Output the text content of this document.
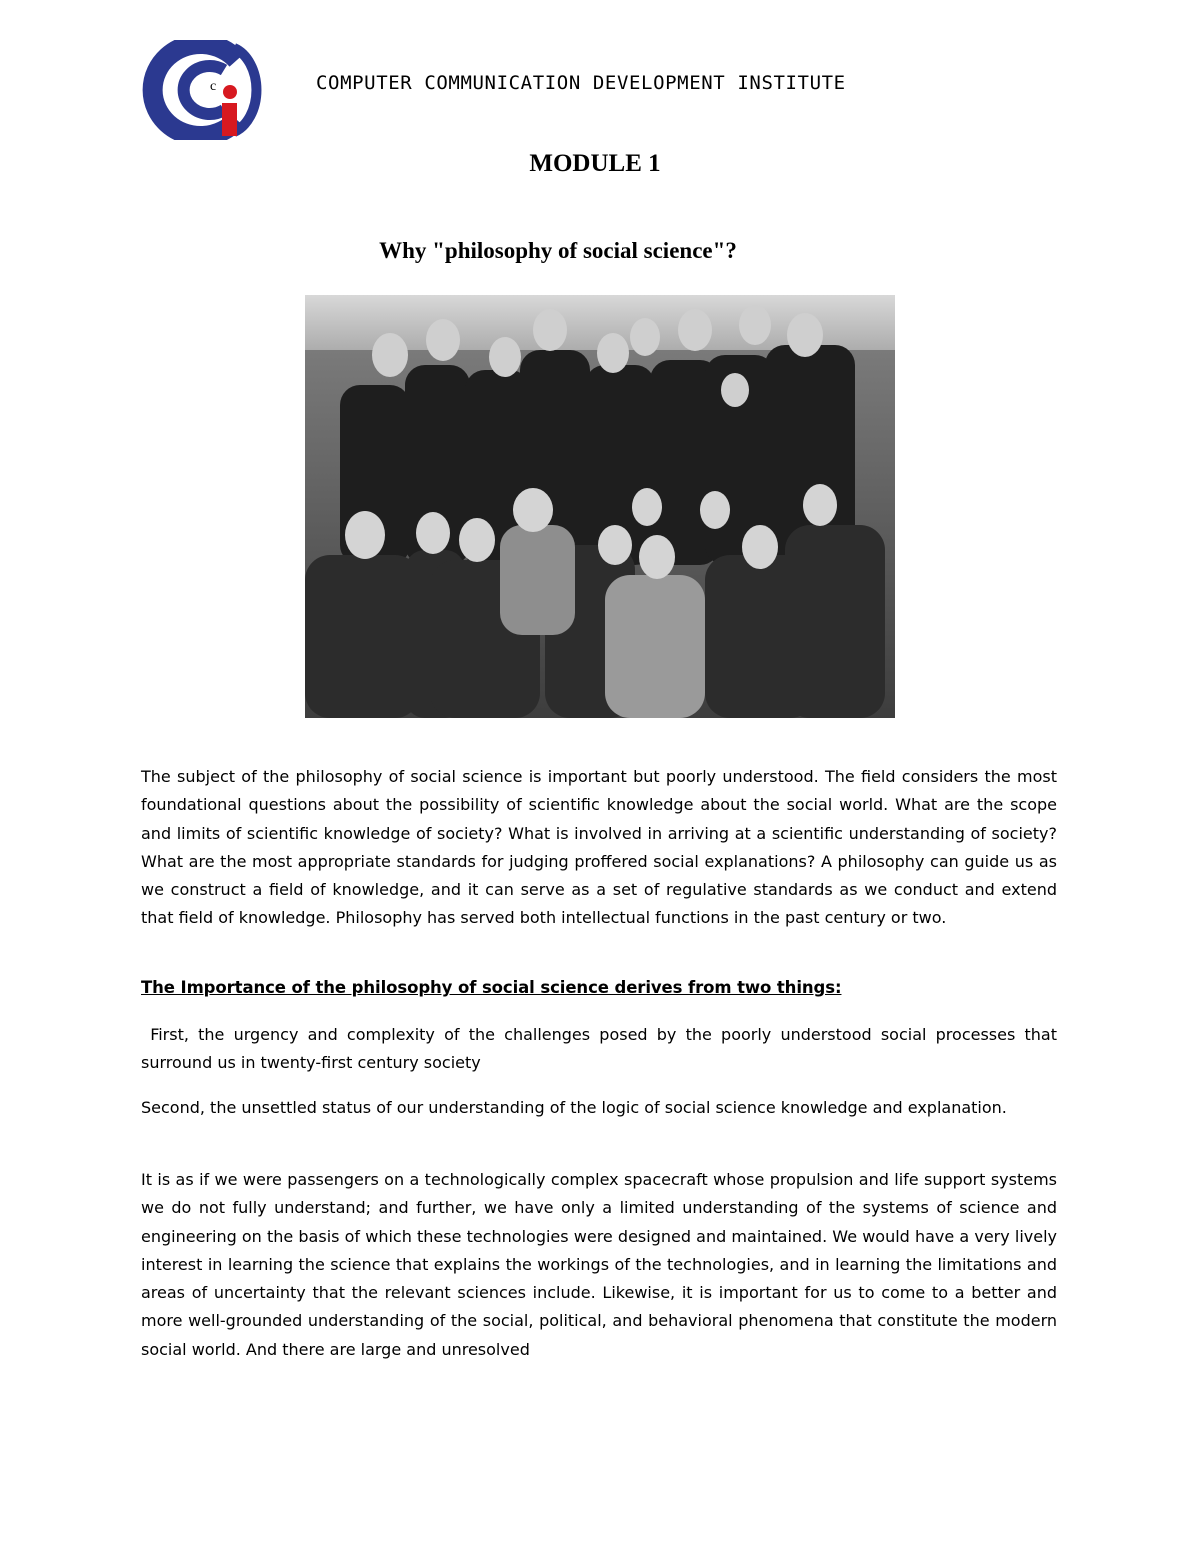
c	COMPUTER COMMUNICATION DEVELOPMENT INSTITUTE
MODULE 1
Why "philosophy of social science"?

The subject of the philosophy of social science is important but poorly understood. The field considers the most foundational questions about the possibility of scientific knowledge about the social world. What are the scope and limits of scientific knowledge of society? What is involved in arriving at a scientific understanding of society? What are the most appropriate standards for judging proffered social explanations? A philosophy can guide us as we construct a field of knowledge, and it can serve as a set of regulative standards as we conduct and extend that field of knowledge. Philosophy has served both intellectual functions in the past century or two.

The Importance of the philosophy of social science derives from two things:

First, the urgency and complexity of the challenges posed by the poorly understood social processes that surround us in twenty-first century society

Second, the unsettled status of our understanding of the logic of social science knowledge and explanation.

It is as if we were passengers on a technologically complex spacecraft whose propulsion and life support systems we do not fully understand; and further, we have only a limited understanding of the systems of science and engineering on the basis of which these technologies were designed and maintained. We would have a very lively interest in learning the science that explains the workings of the technologies, and in learning the limitations and areas of uncertainty that the relevant sciences include. Likewise, it is important for us to come to a better and more well-grounded understanding of the social, political, and behavioral phenomena that constitute the modern social world. And there are large and unresolved
